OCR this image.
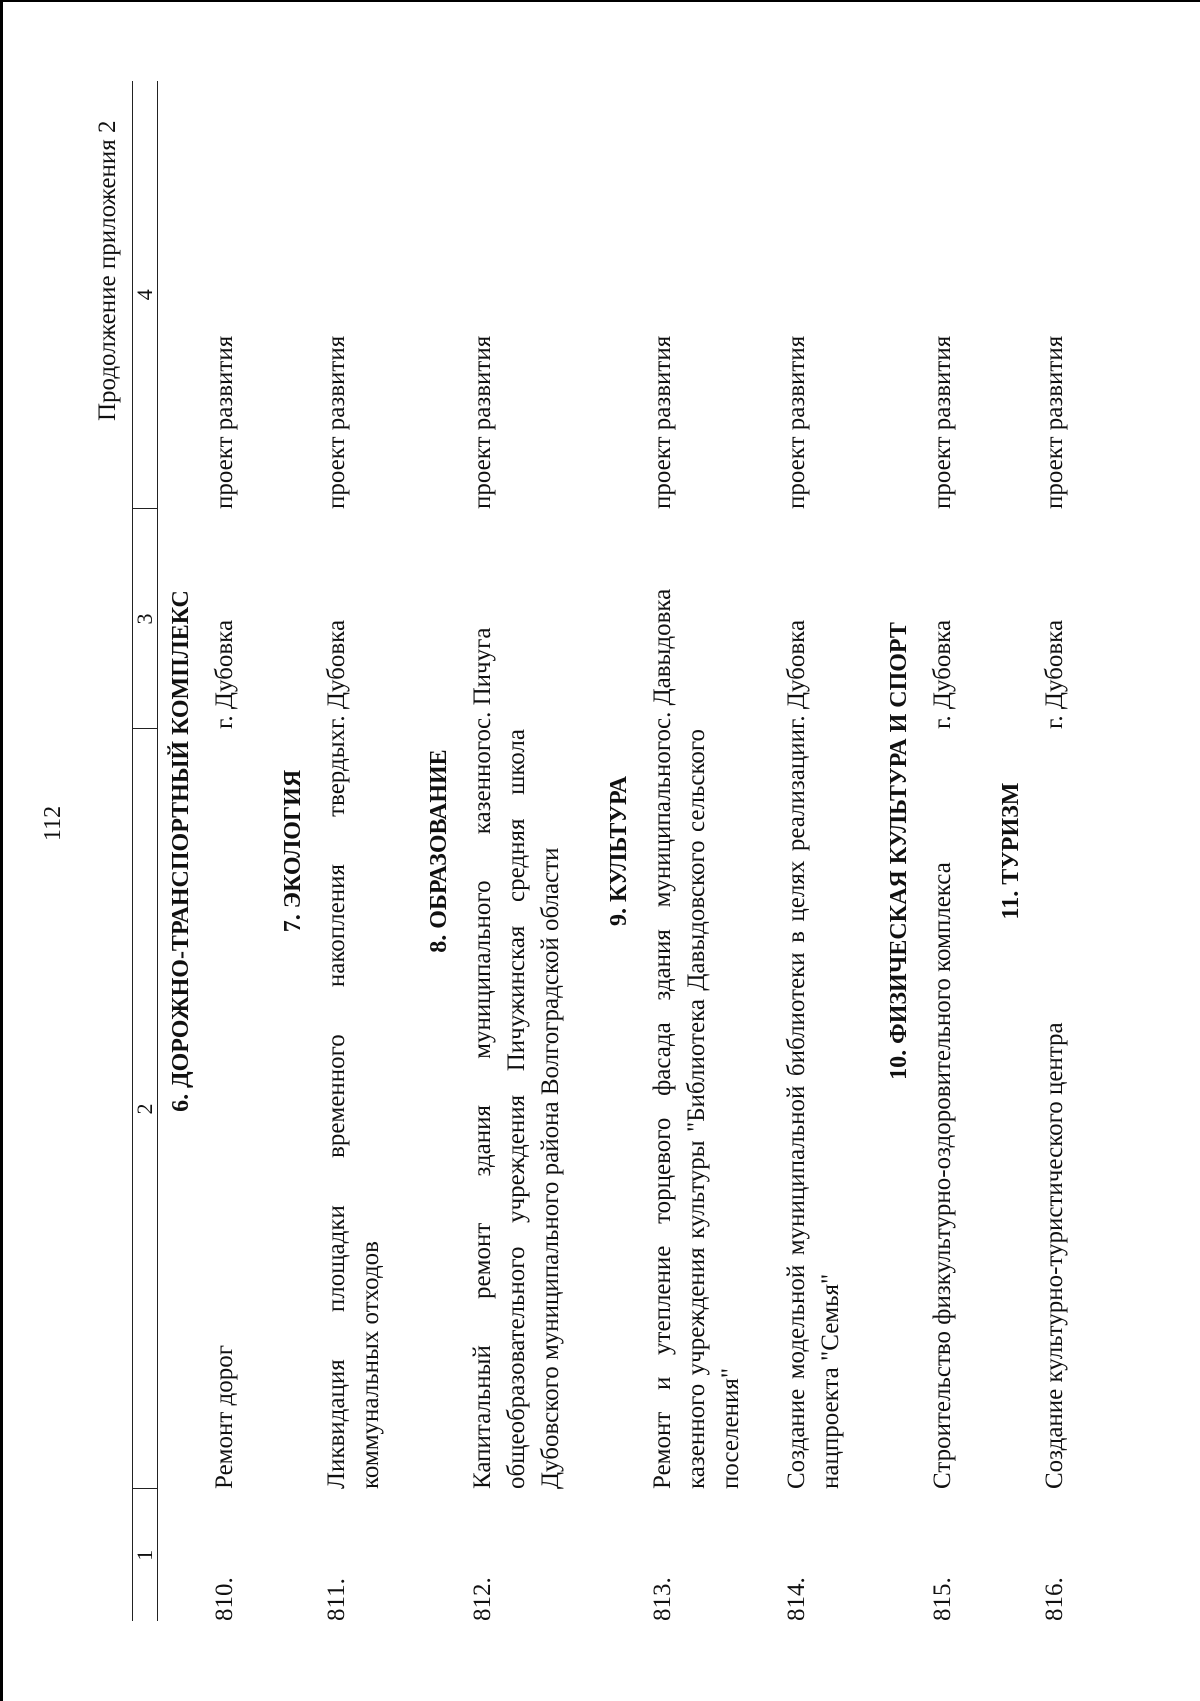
112
Продолжение приложения 2
1	2	3	4
6. ДОРОЖНО-ТРАНСПОРТНЫЙ КОМПЛЕКС			
810.	Ремонт дорог	г. Дубовка	проект развития

7. ЭКОЛОГИЯ			
811.	Ликвидация площадки временного накопления твердых коммунальных отходов	г. Дубовка	проект развития

8. ОБРАЗОВАНИЕ			
812.	Капитальный ремонт здания муниципального казенного общеобразовательного учреждения Пичужинская средняя школа Дубовского муниципального района Волгоградской области	с. Пичуга	проект развития

9. КУЛЬТУРА			
813.	Ремонт и утепление торцевого фасада здания муниципального казенного учреждения культуры "Библиотека Давыдовского сельского поселения"	с. Давыдовка	проект развития

814.	Создание модельной муниципальной библиотеки в целях реализации нацпроекта "Семья"	г. Дубовка	проект развития

10. ФИЗИЧЕСКАЯ КУЛЬТУРА И СПОРТ			
815.	Строительство физкультурно-оздоровительного комплекса	г. Дубовка	проект развития

11. ТУРИЗМ			
816.	Создание культурно-туристического центра	г. Дубовка	проект развития
